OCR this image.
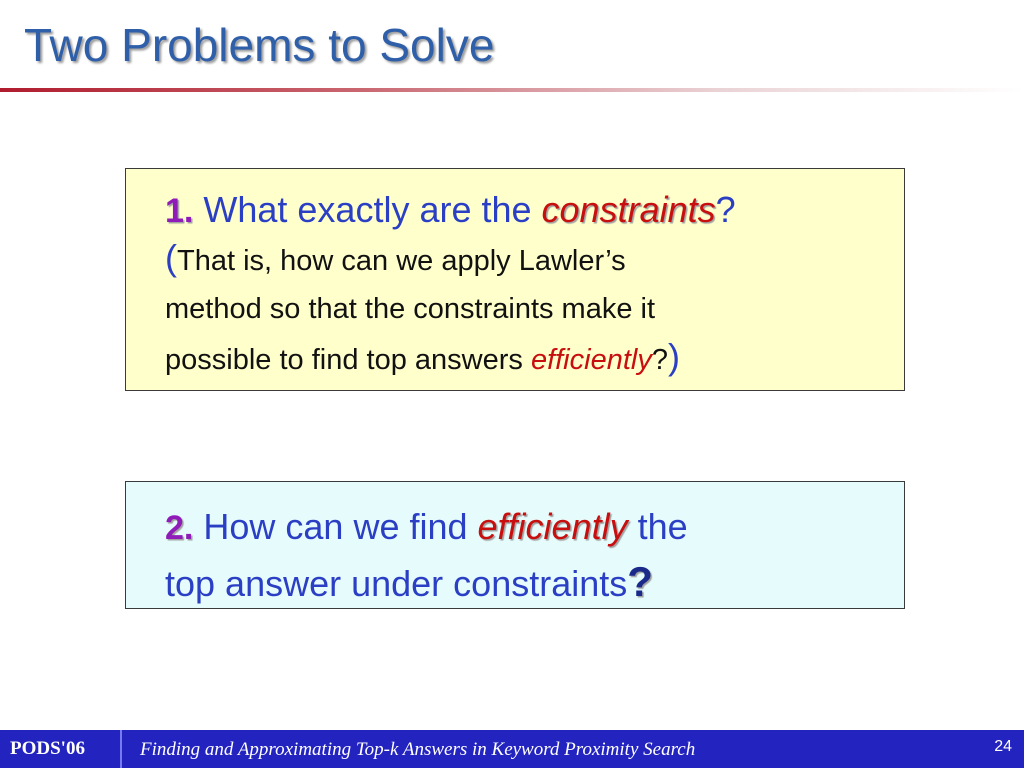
Two Problems to Solve
1. What exactly are the constraints?
(That is, how can we apply Lawler’s
method so that the constraints make it
possible to find top answers efficiently?)
2. How can we find efficiently the
top answer under constraints?
PODS'06	Finding and Approximating Top-k Answers in Keyword Proximity Search	24
